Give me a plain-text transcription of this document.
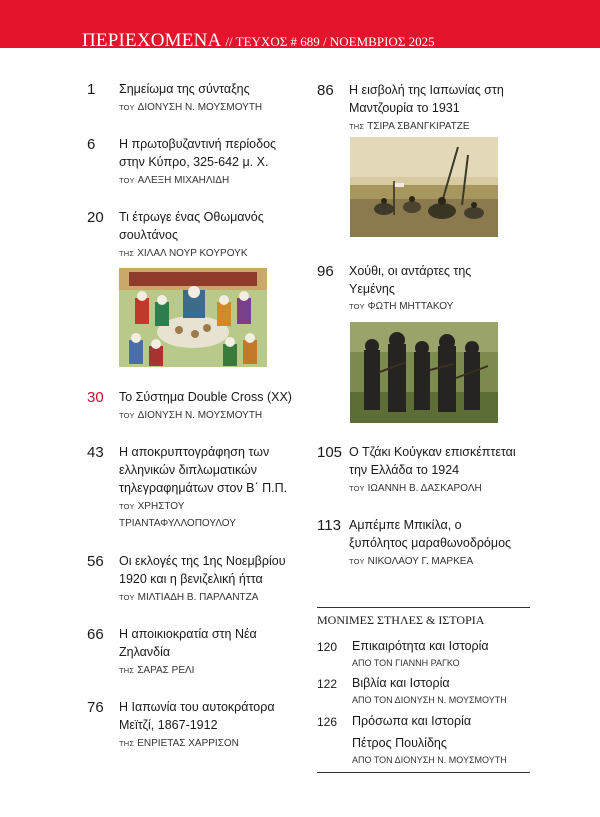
ΠΕΡΙΕΧΟΜΕΝΑ // ΤΕΥΧΟΣ # 689 / ΝΟΕΜΒΡΙΟΣ 2025
1 Σημείωμα της σύνταξης
ΤΟΥ ΔΙΟΝΥΣΗ Ν. ΜΟΥΣΜΟΥΤΗ
6 Η πρωτοβυζαντινή περίοδος
στην Κύπρο, 325-642 μ. Χ.
ΤΟΥ ΑΛΕΞΗ ΜΙΧΑΗΛΙΔΗ
20 Τι έτρωγε ένας Οθωμανός
σουλτάνος
ΤΗΣ ΧΙΛΑΛ ΝΟΥΡ ΚΟΥΡΟΥΚ
30 Το Σύστημα Double Cross (XX)
ΤΟΥ ΔΙΟΝΥΣΗ Ν. ΜΟΥΣΜΟΥΤΗ
43 Η αποκρυπτογράφηση των
ελληνικών διπλωματικών
τηλεγραφημάτων στον Β΄ Π.Π.
ΤΟΥ ΧΡΗΣΤΟΥ
ΤΡΙΑΝΤΑΦΥΛΛΟΠΟΥΛΟΥ
56 Οι εκλογές της 1ης Νοεμβρίου
1920 και η βενιζελική ήττα
ΤΟΥ ΜΙΛΤΙΑΔΗ Β. ΠΑΡΛΑΝΤΖΑ
66 Η αποικιοκρατία στη Νέα
Ζηλανδία
ΤΗΣ ΣΑΡΑΣ ΡΕΛΙ
76 Η Ιαπωνία του αυτοκράτορα
Μεϊτζί, 1867-1912
ΤΗΣ ΕΝΡΙΕΤΑΣ ΧΑΡΡΙΣΟΝ
86 Η εισβολή της Ιαπωνίας στη
Μαντζουρία το 1931
ΤΗΣ ΤΣΙΡΑ ΣΒΑΝΓΚΙΡΑΤΖΕ
96 Χούθι, οι αντάρτες της
Υεμένης
ΤΟΥ ΦΩΤΗ ΜΗΤΤΑΚΟΥ
105 Ο Τζάκι Κούγκαν επισκέπτεται
την Ελλάδα το 1924
ΤΟΥ ΙΩΑΝΝΗ Β. ΔΑΣΚΑΡΟΛΗ
113 Αμπέμπε Μπικίλα, ο
ξυπόλητος μαραθωνοδρόμος
ΤΟΥ ΝΙΚΟΛΑΟΥ Γ. ΜΑΡΚΕΑ
ΜΟΝΙΜΕΣ ΣΤΗΛΕΣ & ΙΣΤΟΡΙΑ
120 Επικαιρότητα και Ιστορία
ΑΠΟ ΤΟΝ ΓΙΑΝΝΗ ΡΑΓΚΟ
122 Βιβλία και Ιστορία
ΑΠΟ ΤΟΝ ΔΙΟΝΥΣΗ Ν. ΜΟΥΣΜΟΥΤΗ
126 Πρόσωπα και Ιστορία
Πέτρος Πουλίδης
ΑΠΟ ΤΟΝ ΔΙΟΝΥΣΗ Ν. ΜΟΥΣΜΟΥΤΗ
